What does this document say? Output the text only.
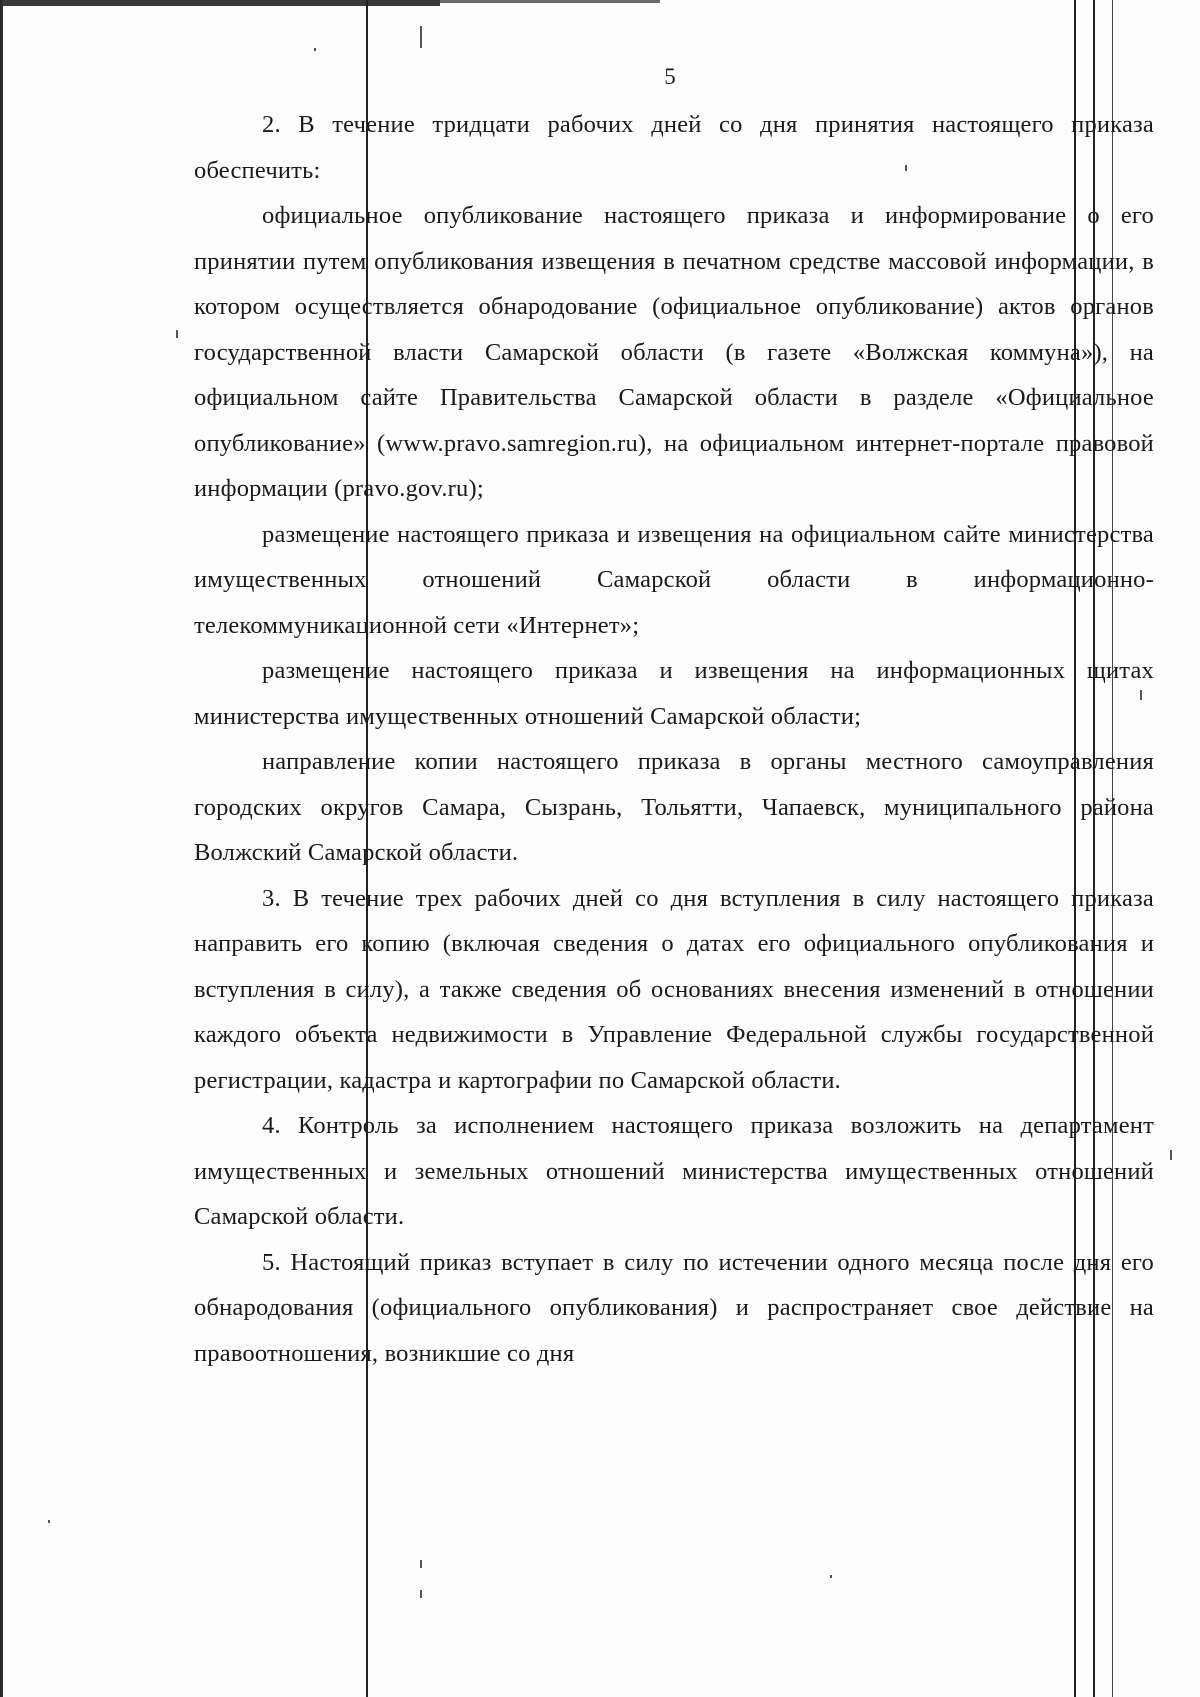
5

2. В течение тридцати рабочих дней со дня принятия настоящего приказа обеспечить:

официальное опубликование настоящего приказа и информирование о его принятии путем опубликования извещения в печатном средстве массовой информации, в котором осуществляется обнародование (официальное опубликование) актов органов государственной власти Самарской области (в газете «Волжская коммуна»), на официальном сайте Правительства Самарской области в разделе «Официальное опубликование» (www.pravo.samregion.ru), на официальном интернет-портале правовой информации (pravo.gov.ru);

размещение настоящего приказа и извещения на официальном сайте министерства имущественных отношений Самарской области в информационно-телекоммуникационной сети «Интернет»;

размещение настоящего приказа и извещения на информационных щитах министерства имущественных отношений Самарской области;

направление копии настоящего приказа в органы местного самоуправления городских округов Самара, Сызрань, Тольятти, Чапаевск, муниципального района Волжский Самарской области.

3. В течение трех рабочих дней со дня вступления в силу настоящего приказа направить его копию (включая сведения о датах его официального опубликования и вступления в силу), а также сведения об основаниях внесения изменений в отношении каждого объекта недвижимости в Управление Федеральной службы государственной регистрации, кадастра и картографии по Самарской области.

4. Контроль за исполнением настоящего приказа возложить на департамент имущественных и земельных отношений министерства имущественных отношений Самарской области.

5. Настоящий приказ вступает в силу по истечении одного месяца после дня его обнародования (официального опубликования) и распространяет свое действие на правоотношения, возникшие со дня
